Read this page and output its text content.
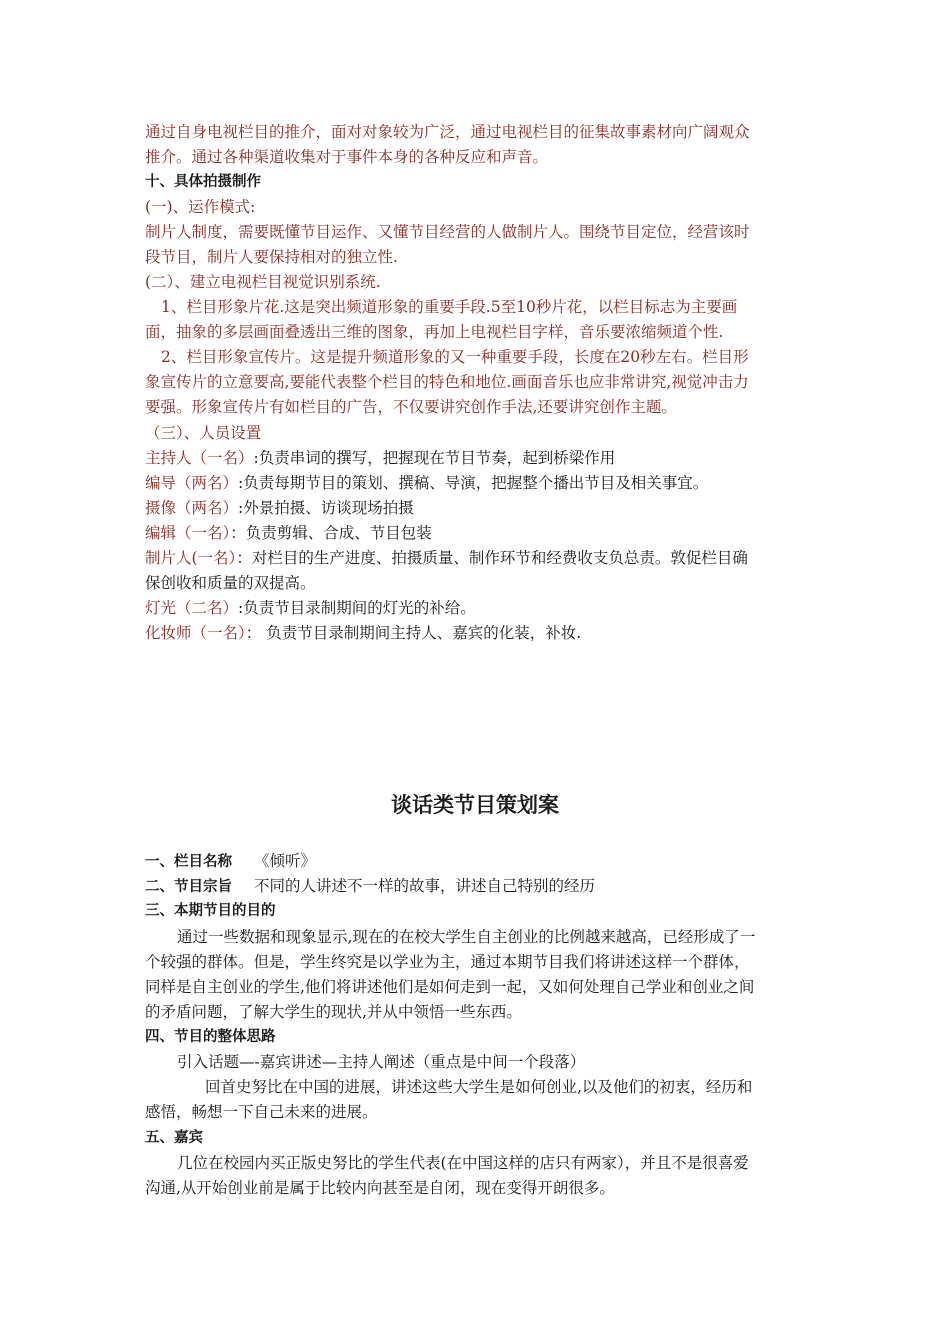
通过自身电视栏目的推介，面对对象较为广泛，通过电视栏目的征集故事素材向广阔观众
推介。通过各种渠道收集对于事件本身的各种反应和声音。
十、具体拍摄制作
(一)、运作模式:
制片人制度，需要既懂节目运作、又懂节目经营的人做制片人。围绕节目定位，经营该时
段节目，制片人要保持相对的独立性.
(二）、建立电视栏目视觉识别系统.
1、栏目形象片花.这是突出频道形象的重要手段.5至10秒片花，以栏目标志为主要画
面，抽象的多层画面叠透出三维的图象，再加上电视栏目字样，音乐要浓缩频道个性.
2、栏目形象宣传片。这是提升频道形象的又一种重要手段，长度在20秒左右。栏目形
象宣传片的立意要高,要能代表整个栏目的特色和地位.画面音乐也应非常讲究,视觉冲击力
要强。形象宣传片有如栏目的广告，不仅要讲究创作手法,还要讲究创作主题。
（三）、人员设置
主持人（一名）:负责串词的撰写，把握现在节目节奏，起到桥梁作用
编导（两名）:负责每期节目的策划、撰稿、导演，把握整个播出节目及相关事宜。
摄像（两名）:外景拍摄、访谈现场拍摄
编辑（一名）：负责剪辑、合成、节目包装
制片人(一名）：对栏目的生产进度、拍摄质量、制作环节和经费收支负总责。敦促栏目确
保创收和质量的双提高。
灯光（二名）:负责节目录制期间的灯光的补给。
化妆师（一名）： 负责节目录制期间主持人、嘉宾的化装，补妆.
谈话类节目策划案
一、栏目名称 《倾听》
二、节目宗旨 不同的人讲述不一样的故事，讲述自己特别的经历
三、本期节目的目的
通过一些数据和现象显示,现在的在校大学生自主创业的比例越来越高，已经形成了一
个较强的群体。但是，学生终究是以学业为主，通过本期节目我们将讲述这样一个群体，
同样是自主创业的学生,他们将讲述他们是如何走到一起，又如何处理自己学业和创业之间
的矛盾问题，了解大学生的现状,并从中领悟一些东西。
四、节目的整体思路
引入话题—-嘉宾讲述—主持人阐述（重点是中间一个段落）
回首史努比在中国的进展，讲述这些大学生是如何创业,以及他们的初衷，经历和
感悟，畅想一下自己未来的进展。
五、嘉宾
几位在校园内买正版史努比的学生代表(在中国这样的店只有两家），并且不是很喜爱
沟通,从开始创业前是属于比较内向甚至是自闭，现在变得开朗很多。
